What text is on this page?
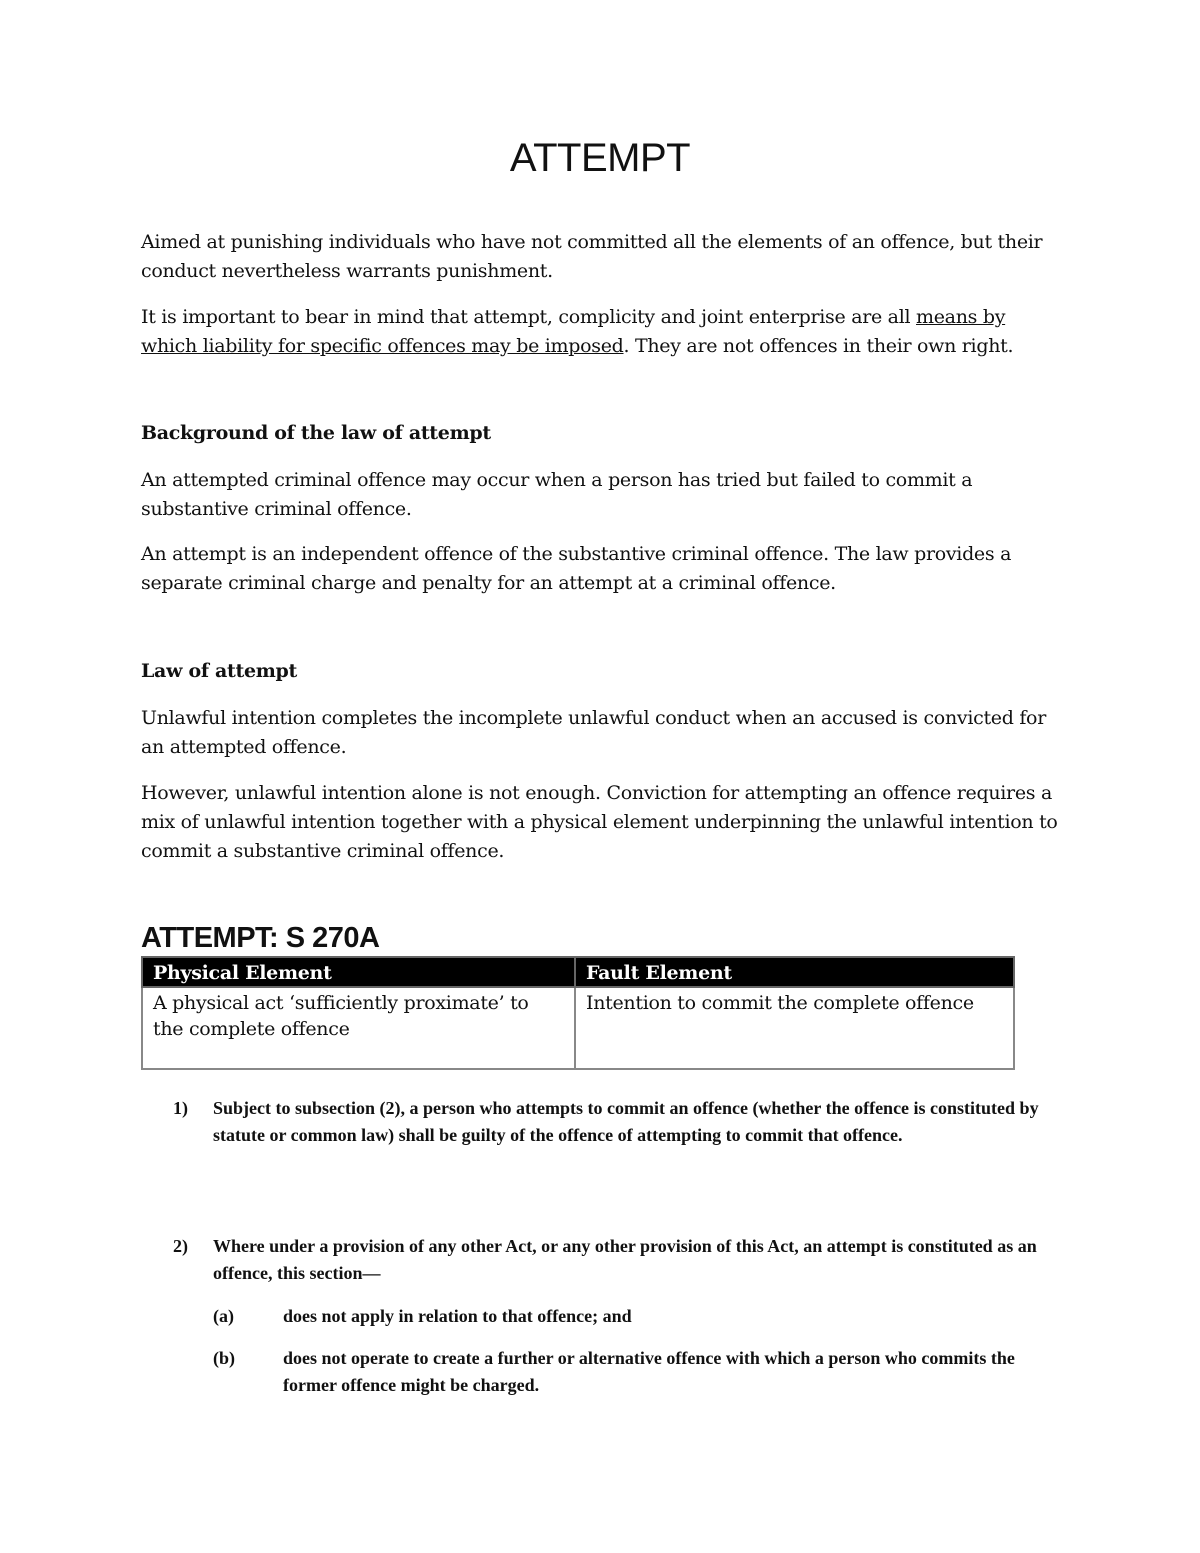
ATTEMPT

Aimed at punishing individuals who have not committed all the elements of an offence, but their conduct nevertheless warrants punishment.

It is important to bear in mind that attempt, complicity and joint enterprise are all means by which liability for specific offences may be imposed. They are not offences in their own right.

Background of the law of attempt

An attempted criminal offence may occur when a person has tried but failed to commit a substantive criminal offence.

An attempt is an independent offence of the substantive criminal offence. The law provides a separate criminal charge and penalty for an attempt at a criminal offence.

Law of attempt

Unlawful intention completes the incomplete unlawful conduct when an accused is convicted for an attempted offence.

However, unlawful intention alone is not enough. Conviction for attempting an offence requires a mix of unlawful intention together with a physical element underpinning the unlawful intention to commit a substantive criminal offence.

ATTEMPT: S 270A
Physical Element	Fault Element
A physical act ‘sufficiently proximate’ to the complete offence	Intention to commit the complete offence
1) Subject to subsection (2), a person who attempts to commit an offence (whether the offence is constituted by statute or common law) shall be guilty of the offence of attempting to commit that offence.
2) Where under a provision of any other Act, or any other provision of this Act, an attempt is constituted as an offence, this section—
(a)	does not apply in relation to that offence; and
(b)	does not operate to create a further or alternative offence with which a person who commits the former offence might be charged.
